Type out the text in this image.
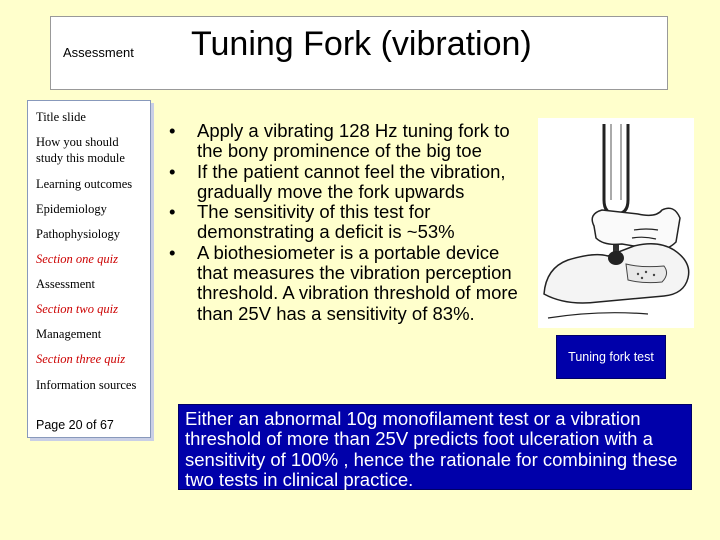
Assessment Tuning Fork (vibration)
Title slide
How you should study this module
Learning outcomes
Epidemiology
Pathophysiology
Section one quiz
Assessment
Section two quiz
Management
Section three quiz
Information sources
Page 20 of 67
• Apply a vibrating 128 Hz tuning fork to the bony prominence of the big toe
• If the patient cannot feel the vibration, gradually move the fork upwards
• The sensitivity of this test for demonstrating a deficit is ~53%
• A biothesiometer is a portable device that measures the vibration perception threshold. A vibration threshold of more than 25V has a sensitivity of 83%.
Tuning fork test
Either an abnormal 10g monofilament test or a vibration threshold of more than 25V predicts foot ulceration with a sensitivity of 100% , hence the rationale for combining these two tests in clinical practice.
